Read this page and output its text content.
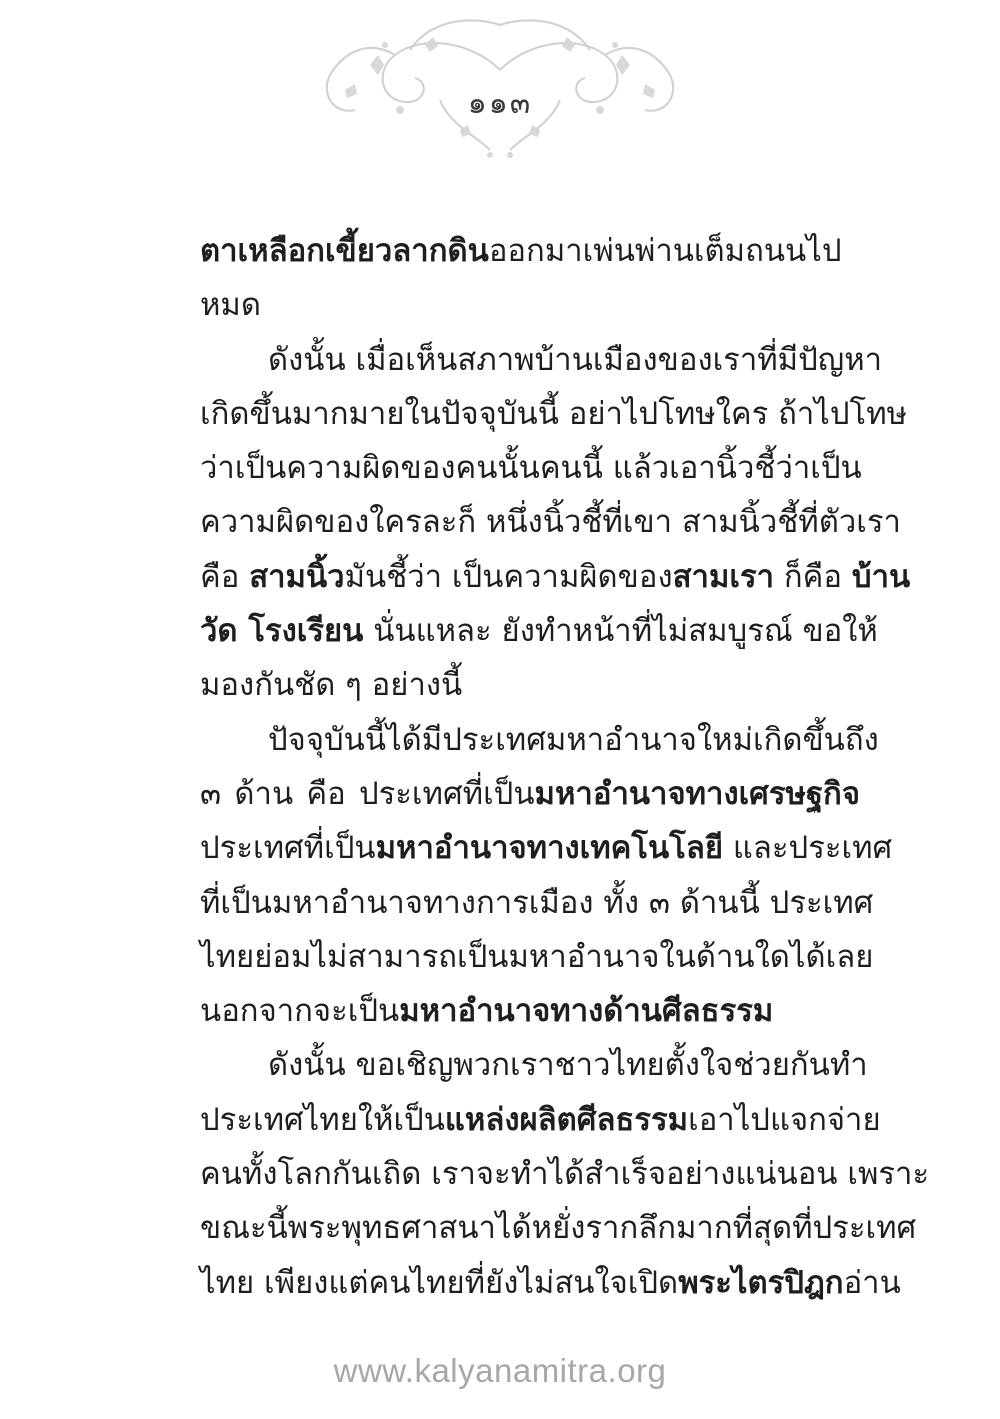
๑๑๓
ตาเหลือกเขี้ยวลากดินออกมาเพ่นพ่านเต็มถนนไป
หมด
ดังนั้น เมื่อเห็นสภาพบ้านเมืองของเราที่มีปัญหา
เกิดขึ้นมากมายในปัจจุบันนี้ อย่าไปโทษใคร ถ้าไปโทษ
ว่าเป็นความผิดของคนนั้นคนนี้ แล้วเอานิ้วชี้ว่าเป็น
ความผิดของใครละก็ หนึ่งนิ้วชี้ที่เขา สามนิ้วชี้ที่ตัวเรา
คือ สามนิ้วมันชี้ว่า เป็นความผิดของสามเรา ก็คือ บ้าน
วัด โรงเรียน นั่นแหละ ยังทำหน้าที่ไม่สมบูรณ์ ขอให้
มองกันชัด ๆ อย่างนี้
ปัจจุบันนี้ได้มีประเทศมหาอำนาจใหม่เกิดขึ้นถึง
๓ ด้าน คือ ประเทศที่เป็นมหาอำนาจทางเศรษฐกิจ
ประเทศที่เป็นมหาอำนาจทางเทคโนโลยี และประเทศ
ที่เป็นมหาอำนาจทางการเมือง ทั้ง ๓ ด้านนี้ ประเทศ
ไทยย่อมไม่สามารถเป็นมหาอำนาจในด้านใดได้เลย
นอกจากจะเป็นมหาอำนาจทางด้านศีลธรรม
ดังนั้น ขอเชิญพวกเราชาวไทยตั้งใจช่วยกันทำ
ประเทศไทยให้เป็นแหล่งผลิตศีลธรรมเอาไปแจกจ่าย
คนทั้งโลกกันเถิด เราจะทำได้สำเร็จอย่างแน่นอน เพราะ
ขณะนี้พระพุทธศาสนาได้หยั่งรากลึกมากที่สุดที่ประเทศ
ไทย เพียงแต่คนไทยที่ยังไม่สนใจเปิดพระไตรปิฎกอ่าน
www.kalyanamitra.org
